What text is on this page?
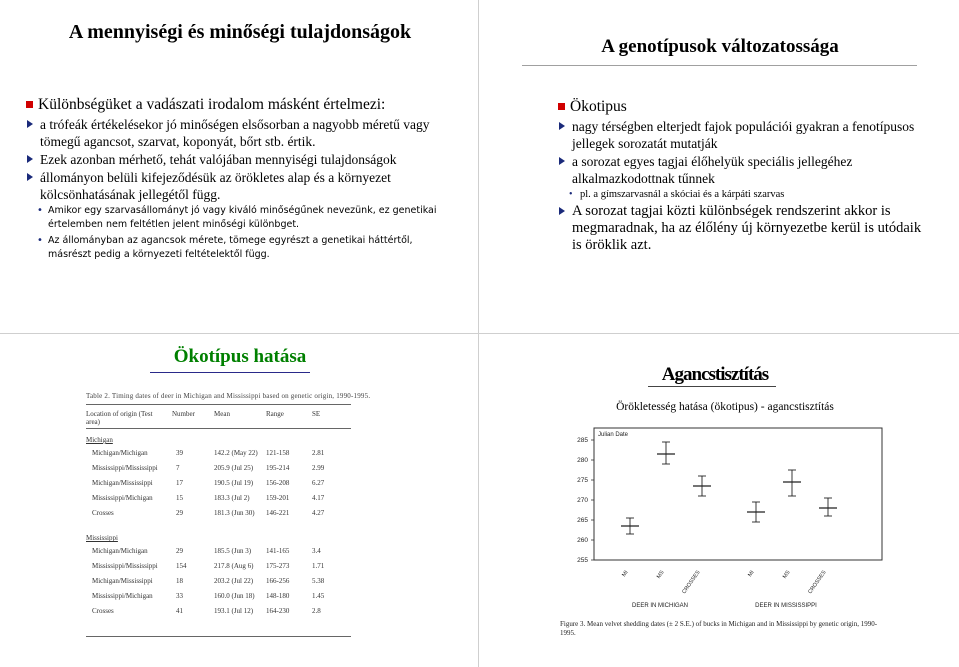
A mennyiségi és minőségi tulajdonságok
Különbségüket a vadászati irodalom másként értelmezi:
a trófeák értékelésekor jó minőségen elsősorban a nagyobb méretű vagy tömegű agancsot, szarvat, koponyát, bőrt stb. értik.
Ezek azonban mérhető, tehát valójában mennyiségi tulajdonságok
állományon belüli kifejeződésük az örökletes alap és a környezet kölcsönhatásának jellegétől függ.
• Amikor egy szarvasállományt jó vagy kiváló minőségűnek nevezünk, ez genetikai értelemben nem feltétlen jelent minőségi különbget.
• Az állományban az agancsok mérete, tömege egyrészt a genetikai háttértől, másrészt pedig a környezeti feltételektől függ.
A genotípusok változatossága
Ökotipus
nagy térségben elterjedt fajok populációi gyakran a fenotípusos jellegek sorozatát mutatják
a sorozat egyes tagjai élőhelyük speciális jellegéhez alkalmazkodottnak tűnnek
• pl. a gímszarvasnál a skóciai és a kárpáti szarvas
A sorozat tagjai közti különbségek rendszerint akkor is megmaradnak, ha az élőlény új környezetbe kerül is utódaik is öröklik azt.
Ökotípus hatása
Table 2. Timing dates of deer in Michigan and Mississippi based on genetic origin, 1990-1995.
Location of origin (Test area)
Number	Mean	Range	SE
Michigan
Michigan/Michigan	39	142.2 (May 22) 121-158	2.81
Mississippi/Mississippi	7	205.9 (Jul 25) 195-214	2.99
Michigan/Mississippi	17	190.5 (Jul 19) 156-208	6.27
Mississippi/Michigan	15	183.3 (Jul 2) 159-201	4.17
Crosses	29	181.3 (Jun 30) 146-221	4.27
Mississippi
Michigan/Michigan	29	185.5 (Jun 3) 141-165	3.4
Mississippi/Mississippi	154	217.8 (Aug 6) 175-273	1.71
Michigan/Mississippi	18	203.2 (Jul 22) 166-256	5.38
Mississippi/Michigan	33	160.0 (Jun 18) 148-180	1.45
Crosses	41	193.1 (Jul 12) 164-230	2.8
Agancstisztítás
Örökletesség hatása (ökotipus) - agancstisztítás
Julian Date
285
280
275
270
265
260
255
MI	MS	CROSSES	MI	MS	CROSSES
DEER IN MICHIGAN	DEER IN MISSISSIPPI
Figure 3. Mean velvet shedding dates (± 2 S.E.) of bucks in Michigan and in Mississippi by genetic origin, 1990-1995.
